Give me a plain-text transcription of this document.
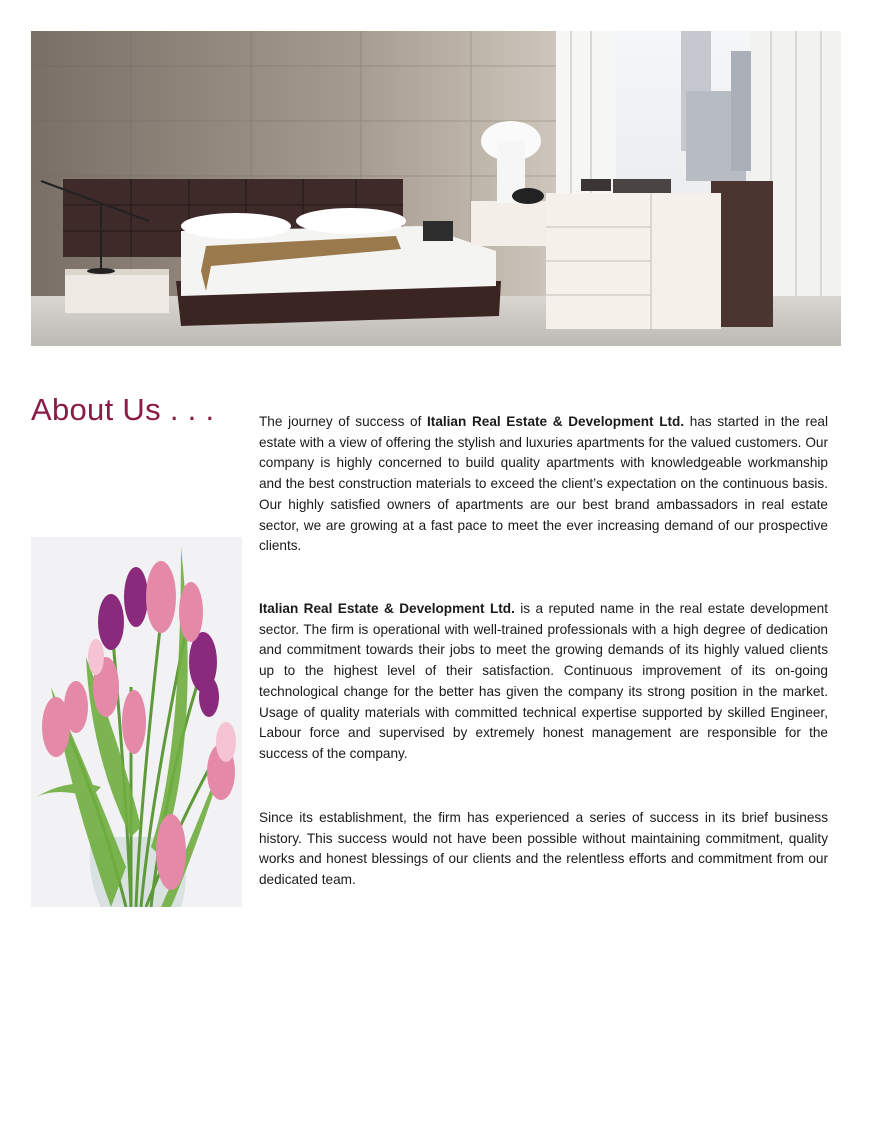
About Us . . .	The journey of success of Italian Real Estate & Development Ltd. has started in the real estate with a view of offering the stylish and luxuries apartments for the valued customers. Our company is highly concerned to build quality apartments with knowledgeable workmanship and the best construction materials to exceed the client’s expectation on the continuous basis. Our highly satisfied owners of apartments are our best brand ambassadors in real estate sector, we are growing at a fast pace to meet the ever increasing demand of our prospective clients.
Italian Real Estate & Development Ltd. is a reputed name in the real estate development sector. The firm is operational with well-trained professionals with a high degree of dedication and commitment towards their jobs to meet the growing demands of its highly valued clients up to the highest level of their satisfaction. Continuous improvement of its on-going technological change for the better has given the company its strong position in the market. Usage of quality materials with committed technical expertise supported by skilled Engineer, Labour force and supervised by extremely honest management are responsible for the success of the company.
Since its establishment, the firm has experienced a series of success in its brief business history. This success would not have been possible without maintaining commitment, quality works and honest blessings of our clients and the relentless efforts and commitment from our dedicated team.
